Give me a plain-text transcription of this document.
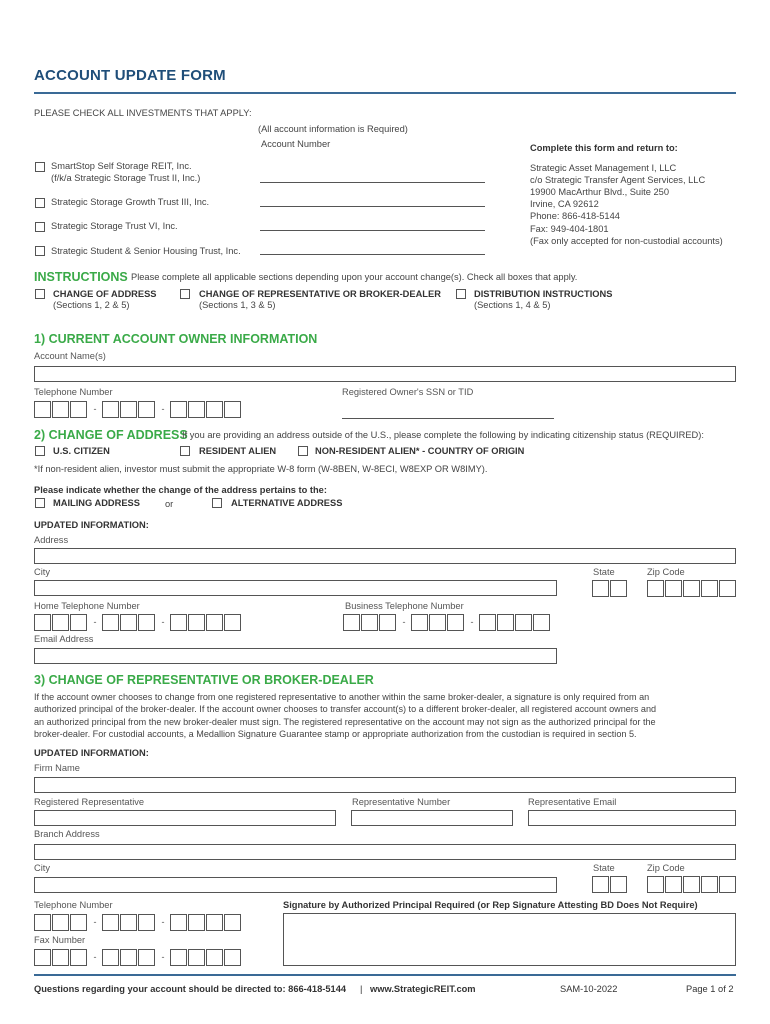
ACCOUNT UPDATE FORM
PLEASE CHECK ALL INVESTMENTS THAT APPLY:
(All account information is Required)
Account Number
SmartStop Self Storage REIT, Inc.
(f/k/a Strategic Storage Trust II, Inc.)
Strategic Storage Growth Trust III, Inc.
Strategic Storage Trust VI, Inc.
Strategic Student & Senior Housing Trust, Inc.
Complete this form and return to:
Strategic Asset Management I, LLC
c/o Strategic Transfer Agent Services, LLC
19900 MacArthur Blvd., Suite 250
Irvine, CA 92612
Phone: 866-418-5144
Fax: 949-404-1801
(Fax only accepted for non-custodial accounts)
INSTRUCTIONS Please complete all applicable sections depending upon your account change(s). Check all boxes that apply.
CHANGE OF ADDRESS
(Sections 1, 2 & 5)
CHANGE OF REPRESENTATIVE OR BROKER-DEALER
(Sections 1, 3 & 5)
DISTRIBUTION INSTRUCTIONS
(Sections 1, 4 & 5)
1) CURRENT ACCOUNT OWNER INFORMATION
Account Name(s)
Telephone Number	Registered Owner's SSN or TID
-	-
2) CHANGE OF ADDRESS
If you are providing an address outside of the U.S., please complete the following by indicating citizenship status (REQUIRED):
U.S. CITIZEN	RESIDENT ALIEN	NON-RESIDENT ALIEN* - COUNTRY OF ORIGIN
*If non-resident alien, investor must submit the appropriate W-8 form (W-8BEN, W-8ECI, W8EXP OR W8IMY).
Please indicate whether the change of the address pertains to the:
MAILING ADDRESS	or	ALTERNATIVE ADDRESS
UPDATED INFORMATION:
Address
City	State	Zip Code
Home Telephone Number	Business Telephone Number
-	-	-	-
Email Address
3) CHANGE OF REPRESENTATIVE OR BROKER-DEALER
If the account owner chooses to change from one registered representative to another within the same broker-dealer, a signature is only required from an
authorized principal of the broker-dealer. If the account owner chooses to transfer account(s) to a different broker-dealer, all registered account owners and
an authorized principal from the new broker-dealer must sign. The registered representative on the account may not sign as the authorized principal for the
broker-dealer. For custodial accounts, a Medallion Signature Guarantee stamp or appropriate authorization from the custodian is required in section 5.
UPDATED INFORMATION:
Firm Name
Registered Representative	Representative Number	Representative Email
Branch Address
City	State	Zip Code
Telephone Number	Signature by Authorized Principal Required (or Rep Signature Attesting BD Does Not Require)
-	-
Fax Number
-	-
Questions regarding your account should be directed to: 866-418-5144 | www.StrategicREIT.com	SAM-10-2022	Page 1 of 2
